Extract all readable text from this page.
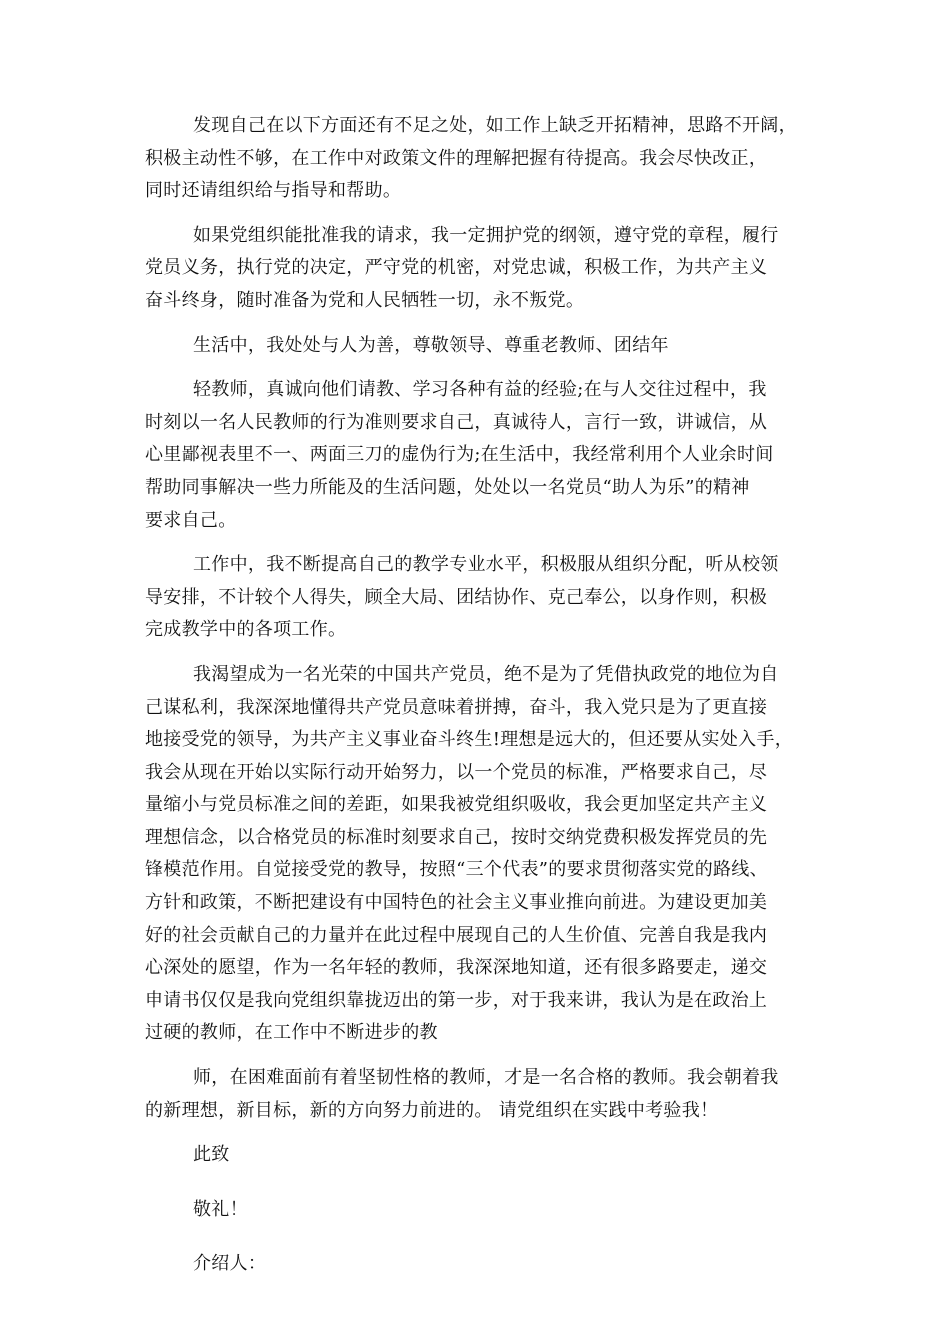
发现自己在以下方面还有不足之处，如工作上缺乏开拓精神，思路不开阔，
积极主动性不够，在工作中对政策文件的理解把握有待提高。我会尽快改正，
同时还请组织给与指导和帮助。

如果党组织能批准我的请求，我一定拥护党的纲领，遵守党的章程，履行
党员义务，执行党的决定，严守党的机密，对党忠诚，积极工作，为共产主义
奋斗终身，随时准备为党和人民牺牲一切，永不叛党。

生活中，我处处与人为善，尊敬领导、尊重老教师、团结年

轻教师，真诚向他们请教、学习各种有益的经验;在与人交往过程中，我
时刻以一名人民教师的行为准则要求自己，真诚待人，言行一致，讲诚信，从
心里鄙视表里不一、两面三刀的虚伪行为;在生活中，我经常利用个人业余时间
帮助同事解决一些力所能及的生活问题，处处以一名党员“助人为乐”的精神
要求自己。

工作中，我不断提高自己的教学专业水平，积极服从组织分配，听从校领
导安排，不计较个人得失，顾全大局、团结协作、克己奉公，以身作则，积极
完成教学中的各项工作。

我渴望成为一名光荣的中国共产党员，绝不是为了凭借执政党的地位为自
己谋私利，我深深地懂得共产党员意味着拼搏，奋斗，我入党只是为了更直接
地接受党的领导，为共产主义事业奋斗终生!理想是远大的，但还要从实处入手，
我会从现在开始以实际行动开始努力，以一个党员的标准，严格要求自己，尽
量缩小与党员标准之间的差距，如果我被党组织吸收，我会更加坚定共产主义
理想信念，以合格党员的标准时刻要求自己，按时交纳党费积极发挥党员的先
锋模范作用。自觉接受党的教导，按照“三个代表”的要求贯彻落实党的路线、
方针和政策，不断把建设有中国特色的社会主义事业推向前进。为建设更加美
好的社会贡献自己的力量并在此过程中展现自己的人生价值、完善自我是我内
心深处的愿望，作为一名年轻的教师，我深深地知道，还有很多路要走，递交
申请书仅仅是我向党组织靠拢迈出的第一步，对于我来讲，我认为是在政治上
过硬的教师，在工作中不断进步的教

师，在困难面前有着坚韧性格的教师，才是一名合格的教师。我会朝着我
的新理想，新目标，新的方向努力前进的。 请党组织在实践中考验我！

此致

敬礼！

介绍人：
